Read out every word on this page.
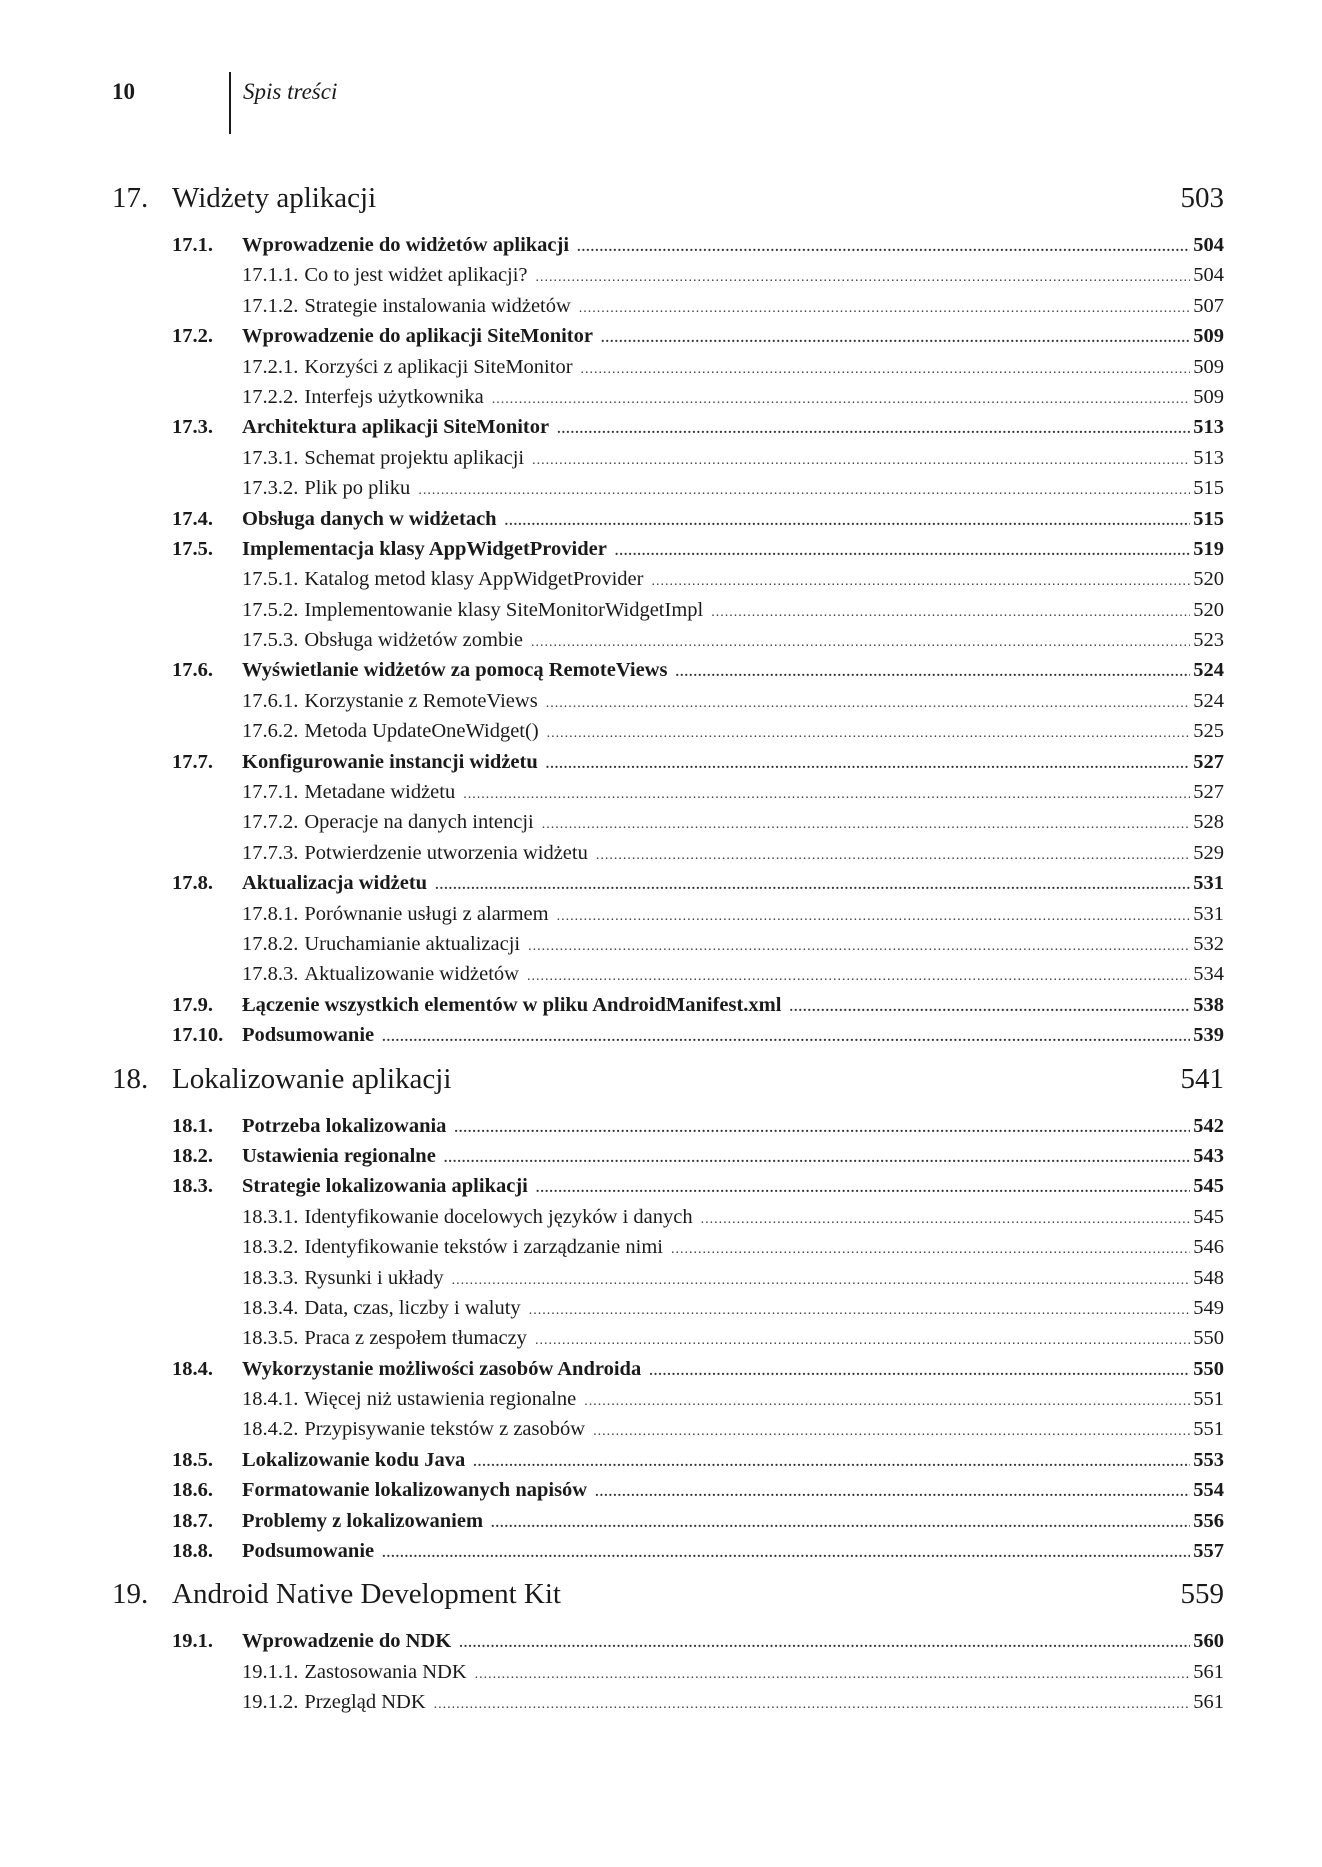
10	Spis treści
17. Widżety aplikacji	503
17.1.	Wprowadzenie do widżetów aplikacji .....	504
17.1.1. Co to jest widżet aplikacji? .....	504
17.1.2. Strategie instalowania widżetów .....	507
17.2.	Wprowadzenie do aplikacji SiteMonitor .....	509
17.2.1. Korzyści z aplikacji SiteMonitor .....	509
17.2.2. Interfejs użytkownika .....	509
17.3.	Architektura aplikacji SiteMonitor .....	513
17.3.1. Schemat projektu aplikacji .....	513
17.3.2. Plik po pliku .....	515
17.4.	Obsługa danych w widżetach .....	515
17.5.	Implementacja klasy AppWidgetProvider .....	519
17.5.1. Katalog metod klasy AppWidgetProvider .....	520
17.5.2. Implementowanie klasy SiteMonitorWidgetImpl .....	520
17.5.3. Obsługa widżetów zombie .....	523
17.6.	Wyświetlanie widżetów za pomocą RemoteViews .....	524
17.6.1. Korzystanie z RemoteViews .....	524
17.6.2. Metoda UpdateOneWidget() .....	525
17.7.	Konfigurowanie instancji widżetu .....	527
17.7.1. Metadane widżetu .....	527
17.7.2. Operacje na danych intencji .....	528
17.7.3. Potwierdzenie utworzenia widżetu .....	529
17.8.	Aktualizacja widżetu .....	531
17.8.1. Porównanie usługi z alarmem .....	531
17.8.2. Uruchamianie aktualizacji .....	532
17.8.3. Aktualizowanie widżetów .....	534
17.9.	Łączenie wszystkich elementów w pliku AndroidManifest.xml .....	538
17.10. Podsumowanie .....	539
18. Lokalizowanie aplikacji	541
18.1.	Potrzeba lokalizowania .....	542
18.2.	Ustawienia regionalne .....	543
18.3.	Strategie lokalizowania aplikacji .....	545
18.3.1. Identyfikowanie docelowych języków i danych .....	545
18.3.2. Identyfikowanie tekstów i zarządzanie nimi .....	546
18.3.3. Rysunki i układy .....	548
18.3.4. Data, czas, liczby i waluty .....	549
18.3.5. Praca z zespołem tłumaczy .....	550
18.4.	Wykorzystanie możliwości zasobów Androida .....	550
18.4.1. Więcej niż ustawienia regionalne .....	551
18.4.2. Przypisywanie tekstów z zasobów .....	551
18.5.	Lokalizowanie kodu Java .....	553
18.6.	Formatowanie lokalizowanych napisów .....	554
18.7.	Problemy z lokalizowaniem .....	556
18.8.	Podsumowanie .....	557
19. Android Native Development Kit	559
19.1.	Wprowadzenie do NDK .....	560
19.1.1. Zastosowania NDK .....	561
19.1.2. Przegląd NDK .....	561
